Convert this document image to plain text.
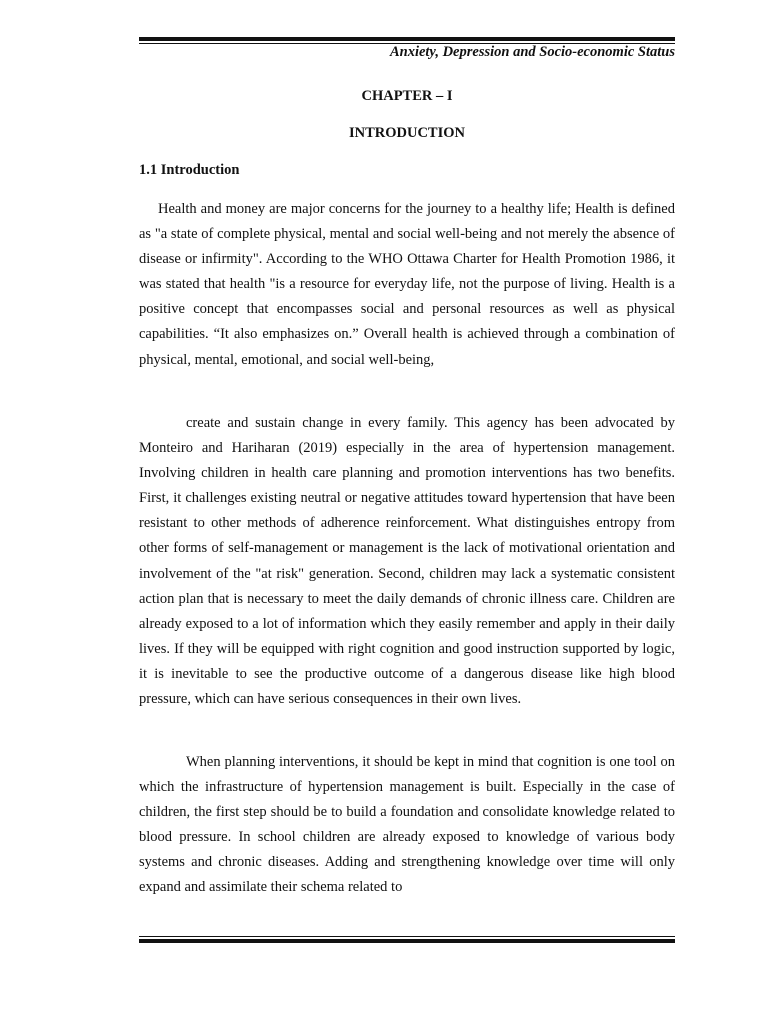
Anxiety, Depression and Socio-economic Status
CHAPTER – I
INTRODUCTION
1.1 Introduction

Health and money are major concerns for the journey to a healthy life; Health is defined as "a state of complete physical, mental and social well-being and not merely the absence of disease or infirmity". According to the WHO Ottawa Charter for Health Promotion 1986, it was stated that health "is a resource for everyday life, not the purpose of living. Health is a positive concept that encompasses social and personal resources as well as physical capabilities. “It also emphasizes on.” Overall health is achieved through a combination of physical, mental, emotional, and social well-being,

create and sustain change in every family. This agency has been advocated by Monteiro and Hariharan (2019) especially in the area of hypertension management. Involving children in health care planning and promotion interventions has two benefits. First, it challenges existing neutral or negative attitudes toward hypertension that have been resistant to other methods of adherence reinforcement. What distinguishes entropy from other forms of self-management or management is the lack of motivational orientation and involvement of the "at risk" generation. Second, children may lack a systematic consistent action plan that is necessary to meet the daily demands of chronic illness care. Children are already exposed to a lot of information which they easily remember and apply in their daily lives. If they will be equipped with right cognition and good instruction supported by logic, it is inevitable to see the productive outcome of a dangerous disease like high blood pressure, which can have serious consequences in their own lives.

When planning interventions, it should be kept in mind that cognition is one tool on which the infrastructure of hypertension management is built. Especially in the case of children, the first step should be to build a foundation and consolidate knowledge related to blood pressure. In school children are already exposed to knowledge of various body systems and chronic diseases. Adding and strengthening knowledge over time will only expand and assimilate their schema related to
